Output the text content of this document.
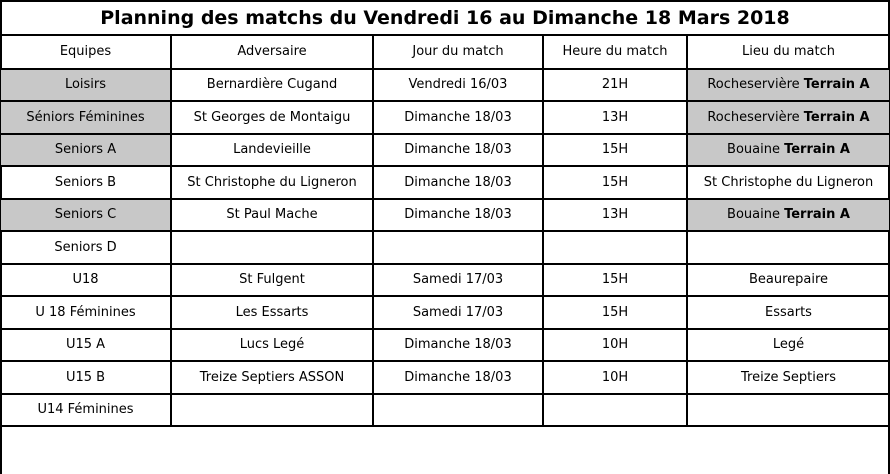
Planning des matchs du Vendredi 16 au Dimanche 18 Mars 2018
Equipes	Adversaire	Jour du match	Heure du match	Lieu du match
Loisirs	Bernardière Cugand	Vendredi 16/03	21H	Rocheservière Terrain A
Séniors Féminines	St Georges de Montaigu	Dimanche 18/03	13H	Rocheservière Terrain A
Seniors A	Landevieille	Dimanche 18/03	15H	Bouaine Terrain A
Seniors B	St Christophe du Ligneron	Dimanche 18/03	15H	St Christophe du Ligneron
Seniors C	St Paul Mache	Dimanche 18/03	13H	Bouaine Terrain A
Seniors D				
U18	St Fulgent	Samedi 17/03	15H	Beaurepaire
U 18 Féminines	Les Essarts	Samedi 17/03	15H	Essarts
U15 A	Lucs Legé	Dimanche 18/03	10H	Legé
U15 B	Treize Septiers ASSON	Dimanche 18/03	10H	Treize Septiers
U14 Féminines				
